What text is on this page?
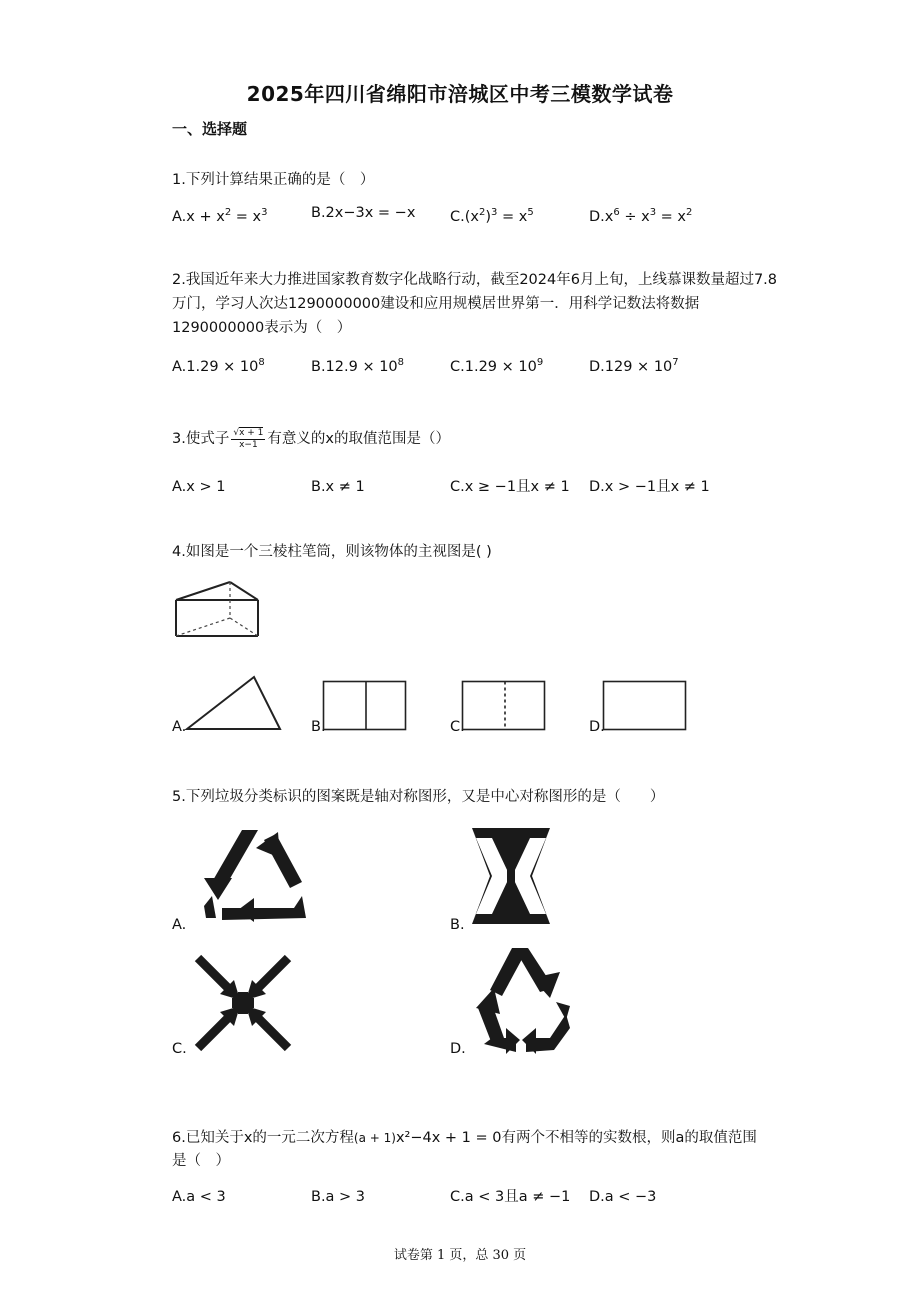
2025年四川省绵阳市涪城区中考三模数学试卷
一、选择题
1.下列计算结果正确的是（　）
$A.x + x^2 = x^3$	B.2x−3x = −x $C.(x^2)^3 = x^5$	$D.x^6 \div x^3 = x^2$
2.我国近年来大力推进国家教育数字化战略行动，截至2024年6月上旬，上线慕课数量超过7.8万门，学习人次达1290000000建设和应用规模居世界第一．用科学记数法将数据1290000000表示为（　）
$A.1.29 \times 10^8$	$B.12.9 \times 10^8$	$C.1.29 \times 10^9$	$D.129 \times 10^7$
3.使式子 $\frac{√x + 1}{x-1}$ 有意义的x的取值范围是（）
A.x > 1	B.x ≠ 1	C.x ≥ −1且x ≠ 1 D.x > −1且x ≠ 1
4.如图是一个三棱柱笔筒，则该物体的主视图是( )
A.	B.	C.	D.
5.下列垃圾分类标识的图案既是轴对称图形，又是中心对称图形的是（　　）
A.	B.
C.	D.
6.已知关于x的一元二次方程(a + 1)x²−4x + 1 = 0有两个不相等的实数根，则a的取值范围
是（　）
A.a < 3	B.a > 3	C.a < 3且a ≠ −1 D.a < −3
试卷第 1 页，总 30 页
